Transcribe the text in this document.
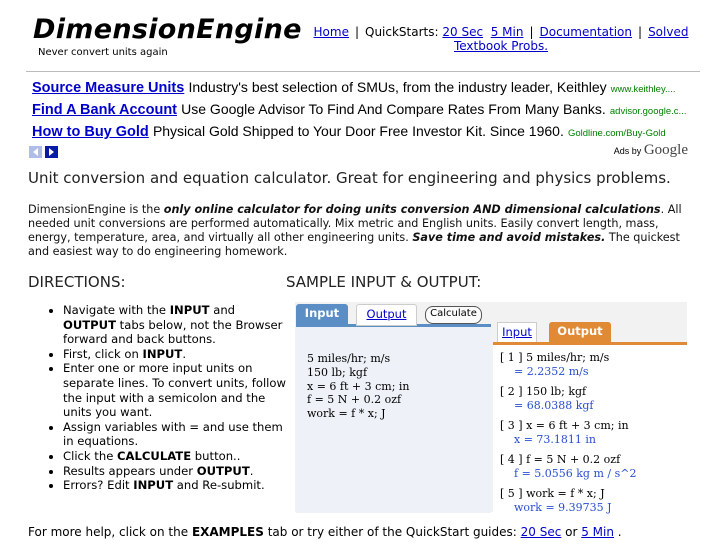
DimensionEngine
Never convert units again
Home | QuickStarts: 20 Sec 5 Min | Documentation | Solved Textbook Probs.
Source Measure Units Industry's best selection of SMUs, from the industry leader, Keithley www.keithley....
Find A Bank Account Use Google Advisor To Find And Compare Rates From Many Banks. advisor.google.c...
How to Buy Gold Physical Gold Shipped to Your Door Free Investor Kit. Since 1960. Goldline.com/Buy-Gold
Ads by Google
Unit conversion and equation calculator. Great for engineering and physics problems.
DimensionEngine is the only online calculator for doing units conversion AND dimensional calculations. All needed unit conversions are performed automatically. Mix metric and English units. Easily convert length, mass, energy, temperature, area, and virtually all other engineering units. Save time and avoid mistakes. The quickest and easiest way to do engineering homework.
DIRECTIONS:
• Navigate with the INPUT and OUTPUT tabs below, not the Browser forward and back buttons.
• First, click on INPUT.
• Enter one or more input units on separate lines. To convert units, follow the input with a semicolon and the units you want.
• Assign variables with = and use them in equations.
• Click the CALCULATE button..
• Results appears under OUTPUT.
• Errors? Edit INPUT and Re-submit.
SAMPLE INPUT & OUTPUT:
5 miles/hr; m/s
150 lb; kgf
x = 6 ft + 3 cm; in
f = 5 N + 0.2 ozf
work = f * x; J
Input	Output	Calculate
Input	Output
[ 1 ] 5 miles/hr; m/s
= 2.2352 m/s
[ 2 ] 150 lb; kgf
= 68.0388 kgf
[ 3 ] x = 6 ft + 3 cm; in
x = 73.1811 in
[ 4 ] f = 5 N + 0.2 ozf
f = 5.0556 kg m / s^2
[ 5 ] work = f * x; J
work = 9.39735 J
For more help, click on the EXAMPLES tab or try either of the QuickStart guides: 20 Sec or 5 Min .
